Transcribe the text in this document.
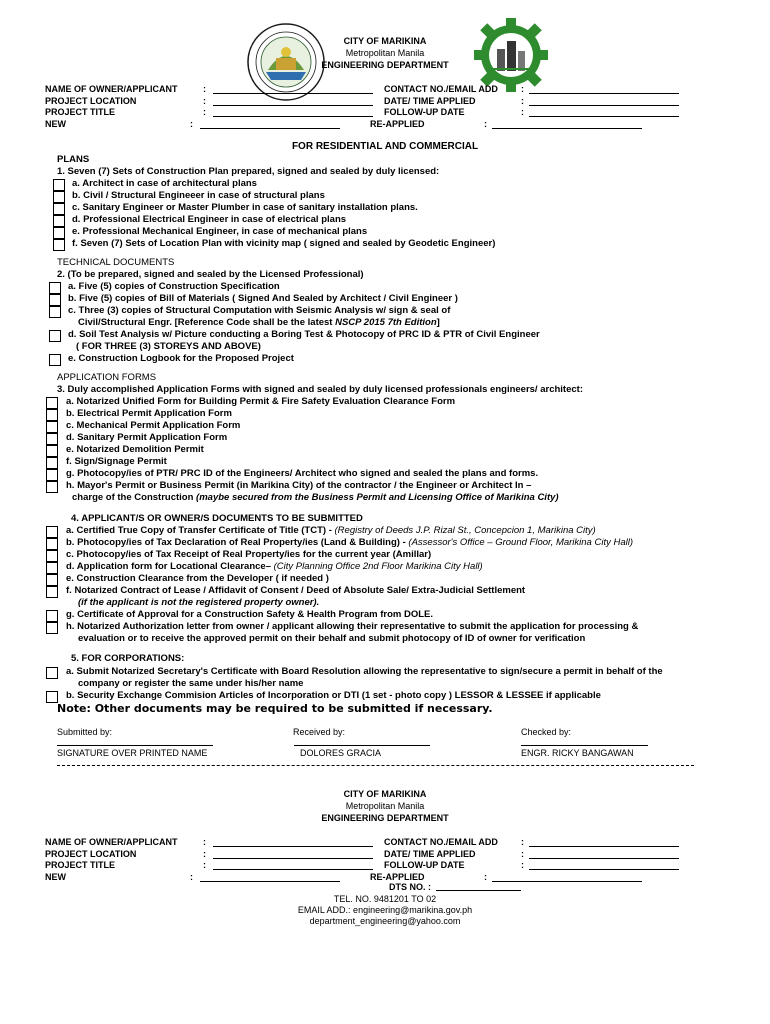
CITY OF MARIKINA
Metropolitan Manila
ENGINEERING DEPARTMENT
NAME OF OWNER/APPLICANT	:	CONTACT NO./EMAIL ADD	:
PROJECT LOCATION	:	DATE/ TIME APPLIED	:
PROJECT TITLE	:	FOLLOW-UP DATE	:
NEW	:	RE-APPLIED	:
FOR RESIDENTIAL AND COMMERCIAL
PLANS
1. Seven (7) Sets of Construction Plan prepared, signed and sealed by duly licensed:
a. Architect in case of architectural plans
b. Civil / Structural Engineeer in case of structural plans
c. Sanitary Engineer or Master Plumber in case of sanitary installation plans.
d. Professional Electrical Engineer in case of electrical plans
e. Professional Mechanical Engineer, in case of mechanical plans
f. Seven (7) Sets of Location Plan with vicinity map ( signed and sealed by Geodetic Engineer)
TECHNICAL DOCUMENTS
2. (To be prepared, signed and sealed by the Licensed Professional)
a. Five (5) copies of Construction Specification
b. Five (5) copies of Bill of Materials ( Signed And Sealed by Architect / Civil Engineer )
c. Three (3) copies of Structural Computation with Seismic Analysis w/ sign & seal of
Civil/Structural Engr. [Reference Code shall be the latest NSCP 2015 7th Edition]
d. Soil Test Analysis w/ Picture conducting a Boring Test & Photocopy of PRC ID & PTR of Civil Engineer
( FOR THREE (3) STOREYS AND ABOVE)
e. Construction Logbook for the Proposed Project
APPLICATION FORMS
3. Duly accomplished Application Forms with signed and sealed by duly licensed professionals engineers/ architect:
a. Notarized Unified Form for Building Permit & Fire Safety Evaluation Clearance Form
b. Electrical Permit Application Form
c. Mechanical Permit Application Form
d. Sanitary Permit Application Form
e. Notarized Demolition Permit
f. Sign/Signage Permit
g. Photocopy/ies of PTR/ PRC ID of the Engineers/ Architect who signed and sealed the plans and forms.
h. Mayor's Permit or Business Permit (in Marikina City) of the contractor / the Engineer or Architect In –
charge of the Construction (maybe secured from the Business Permit and Licensing Office of Marikina City)
4. APPLICANT/S OR OWNER/S DOCUMENTS TO BE SUBMITTED
a. Certified True Copy of Transfer Certificate of Title (TCT) - (Registry of Deeds J.P. Rizal St., Concepcion 1, Marikina City)
b. Photocopy/ies of Tax Declaration of Real Property/ies (Land & Building) - (Assessor's Office – Ground Floor, Marikina City Hall)
c. Photocopy/ies of Tax Receipt of Real Property/ies for the current year (Amillar)
d. Application form for Locational Clearance– (City Planning Office 2nd Floor Marikina City Hall)
e. Construction Clearance from the Developer ( if needed )
f. Notarized Contract of Lease / Affidavit of Consent / Deed of Absolute Sale/ Extra-Judicial Settlement
(if the applicant is not the registered property owner).
g. Certificate of Approval for a Construction Safety & Health Program from DOLE.
h. Notarized Authorization letter from owner / applicant allowing their representative to submit the application for processing &
evaluation or to receive the approved permit on their behalf and submit photocopy of ID of owner for verification
5. FOR CORPORATIONS:
a. Submit Notarized Secretary's Certificate with Board Resolution allowing the representative to sign/secure a permit in behalf of the
company or register the same under his/her name
b. Security Exchange Commision Articles of Incorporation or DTI (1 set - photo copy ) LESSOR & LESSEE if applicable
Note: Other documents may be required to be submitted if necessary.
Submitted by:	Received by:	Checked by:
SIGNATURE OVER PRINTED NAME	DOLORES GRACIA	ENGR. RICKY BANGAWAN
CITY OF MARIKINA
Metropolitan Manila
ENGINEERING DEPARTMENT
NAME OF OWNER/APPLICANT	:	CONTACT NO./EMAIL ADD	:
PROJECT LOCATION	:	DATE/ TIME APPLIED	:
PROJECT TITLE	:	FOLLOW-UP DATE	:
NEW	:	RE-APPLIED	:
DTS NO. :
TEL. NO. 9481201 TO 02
EMAIL ADD.: engineering@marikina.gov.ph
department_engineering@yahoo.com
